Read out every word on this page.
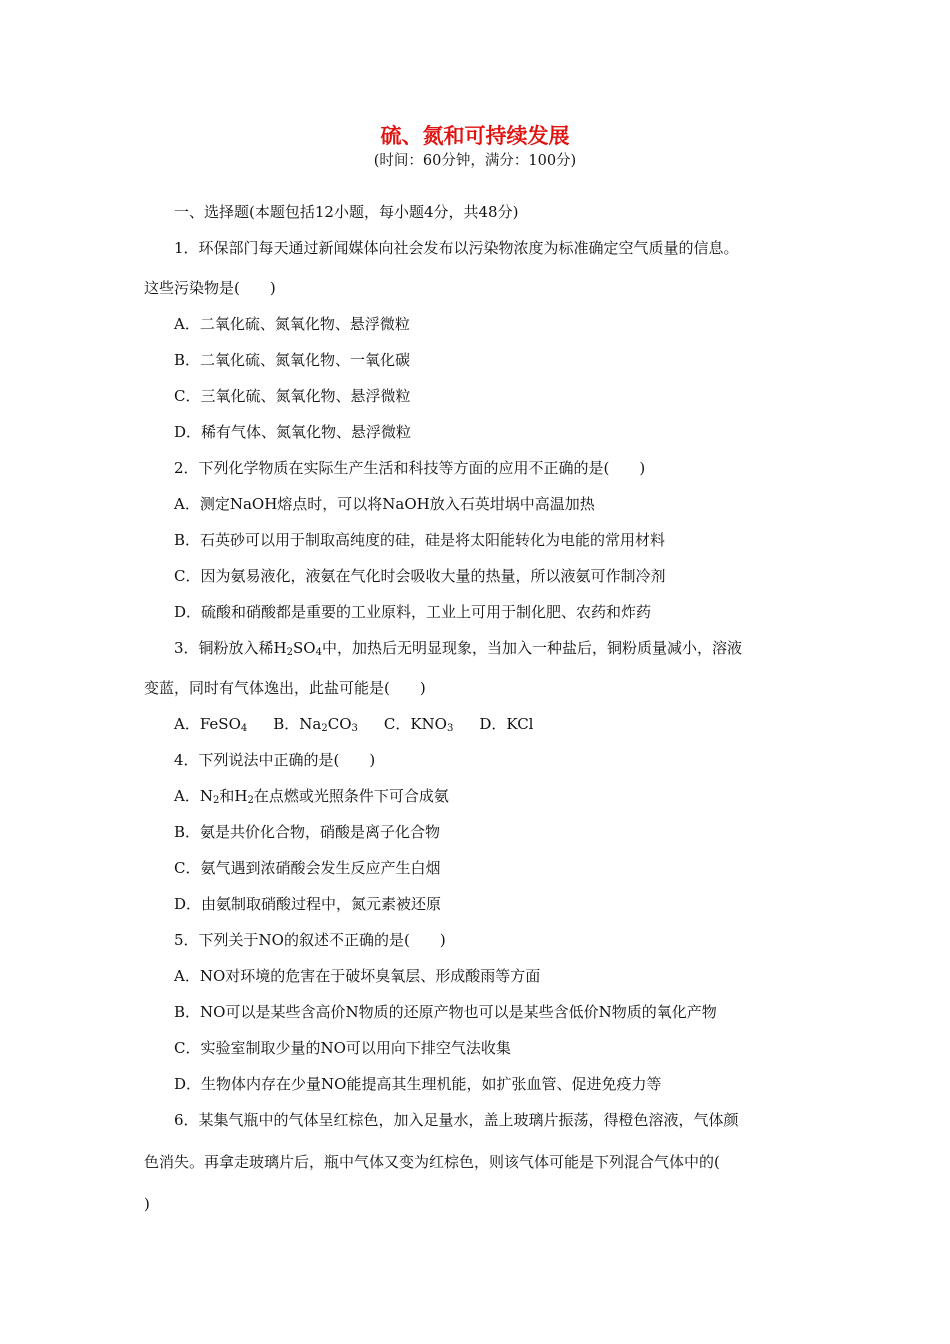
硫、氮和可持续发展
(时间：60分钟，满分：100分)
一、选择题(本题包括12小题，每小题4分，共48分)
1．环保部门每天通过新闻媒体向社会发布以污染物浓度为标准确定空气质量的信息。
这些污染物是(　　)
A．二氧化硫、氮氧化物、悬浮微粒
B．二氧化硫、氮氧化物、一氧化碳
C．三氧化硫、氮氧化物、悬浮微粒
D．稀有气体、氮氧化物、悬浮微粒
2．下列化学物质在实际生产生活和科技等方面的应用不正确的是(　　)
A．测定NaOH熔点时，可以将NaOH放入石英坩埚中高温加热
B．石英砂可以用于制取高纯度的硅，硅是将太阳能转化为电能的常用材料
C．因为氨易液化，液氨在气化时会吸收大量的热量，所以液氨可作制冷剂
D．硫酸和硝酸都是重要的工业原料，工业上可用于制化肥、农药和炸药
3．铜粉放入稀$H_2SO_4$中，加热后无明显现象，当加入一种盐后，铜粉质量减小，溶液
变蓝，同时有气体逸出，此盐可能是(　　)
A．FeSO$_4$ B．$Na_2CO_3$ C．$KNO_3$ D．KCl
4．下列说法中正确的是(　　)
A．$N_2$和$H_2$在点燃或光照条件下可合成氨
B．氨是共价化合物，硝酸是离子化合物
C．氨气遇到浓硝酸会发生反应产生白烟
D．由氨制取硝酸过程中，氮元素被还原
5．下列关于NO的叙述不正确的是(　　)
A．NO对环境的危害在于破坏臭氧层、形成酸雨等方面
B．NO可以是某些含高价N物质的还原产物也可以是某些含低价N物质的氧化产物
C．实验室制取少量的NO可以用向下排空气法收集
D．生物体内存在少量NO能提高其生理机能，如扩张血管、促进免疫力等
6．某集气瓶中的气体呈红棕色，加入足量水，盖上玻璃片振荡，得橙色溶液，气体颜
色消失。再拿走玻璃片后，瓶中气体又变为红棕色，则该气体可能是下列混合气体中的(
)
